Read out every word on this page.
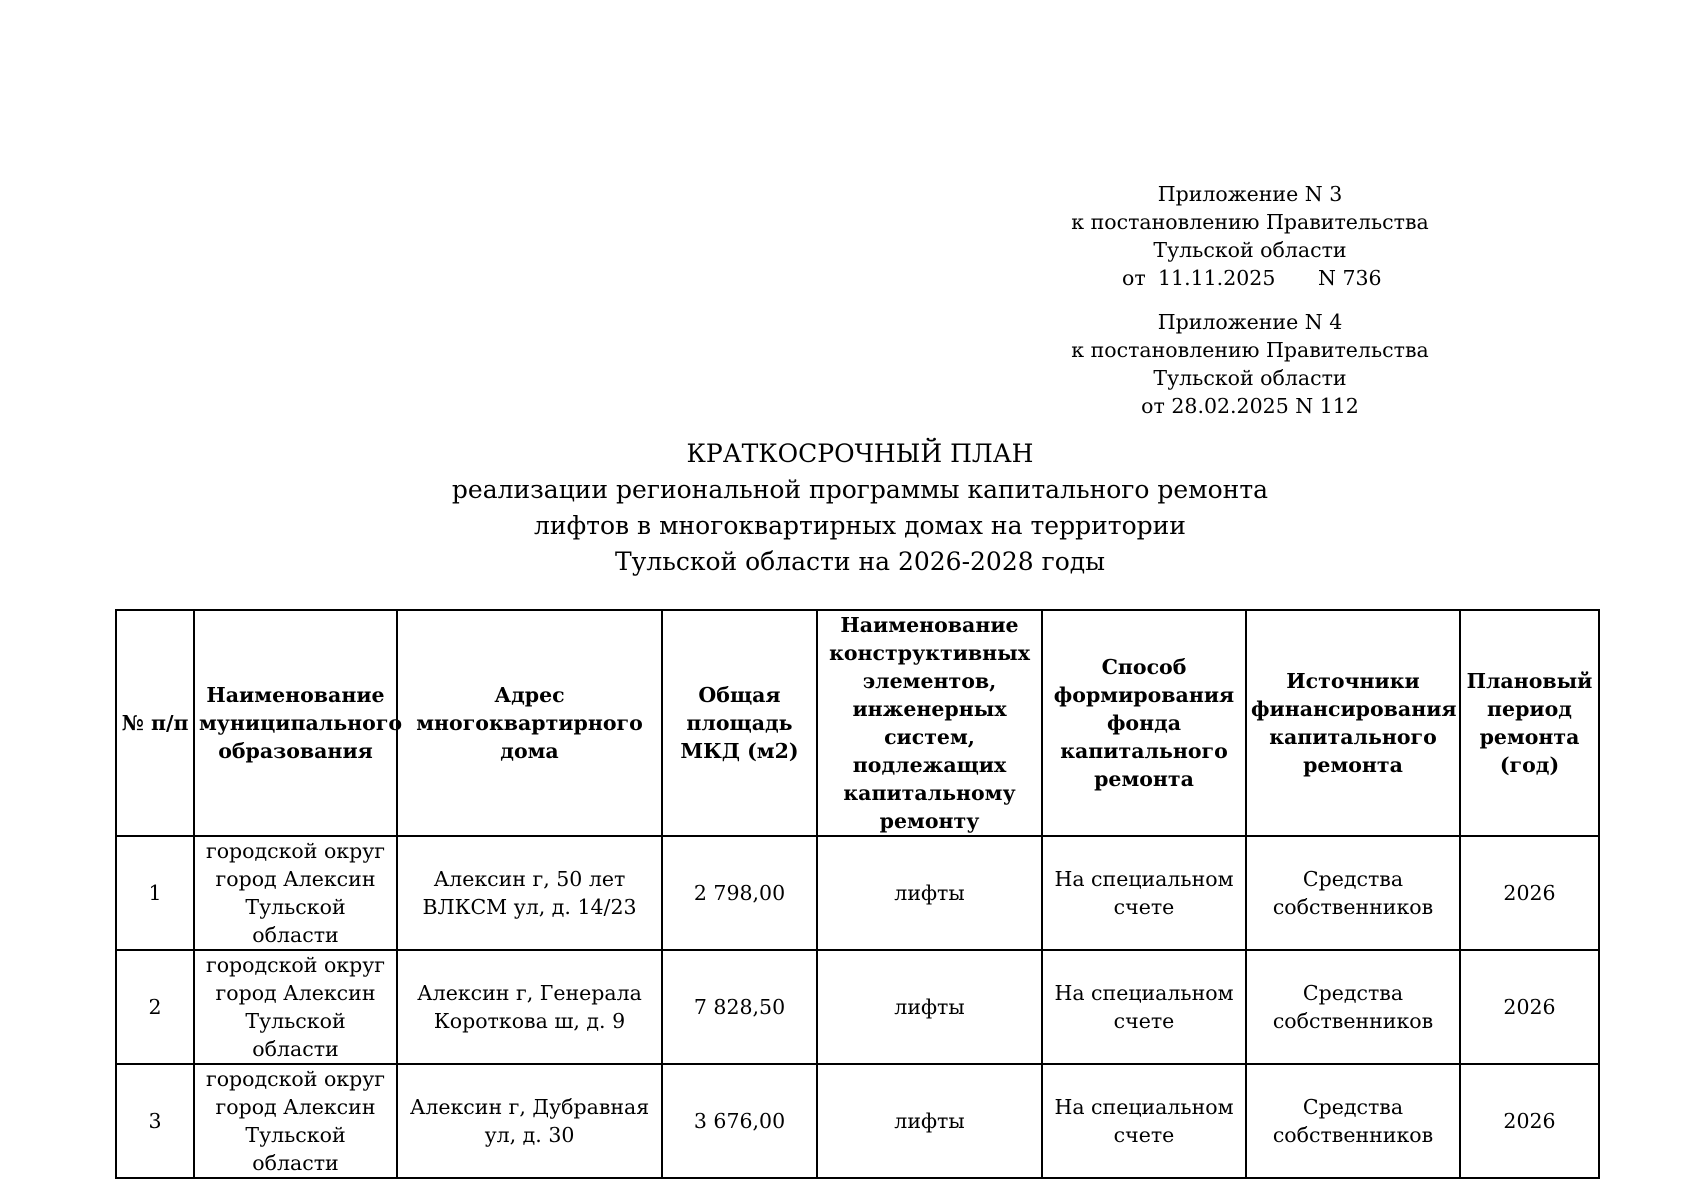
Приложение N 3
к постановлению Правительства
Тульской области
от 11.11.2025 N 736
Приложение N 4
к постановлению Правительства
Тульской области
от 28.02.2025 N 112
КРАТКОСРОЧНЫЙ ПЛАН
реализации региональной программы капитального ремонта
лифтов в многоквартирных домах на территории
Тульской области на 2026-2028 годы
№ п/п	Наименование муниципального образования	Адрес многоквартирного дома	Общая площадь МКД (м2)	Наименование конструктивных элементов, инженерных систем, подлежащих капитальному ремонту	Способ формирования фонда капитального ремонта	Источники финансирования капитального ремонта	Плановый период ремонта (год)
1	городской округ город Алексин Тульской области	Алексин г, 50 лет ВЛКСМ ул, д. 14/23	2 798,00	лифты	На специальном счете	Средства собственников	2026
2	городской округ город Алексин Тульской области	Алексин г, Генерала Короткова ш, д. 9	7 828,50	лифты	На специальном счете	Средства собственников	2026
3	городской округ город Алексин Тульской области	Алексин г, Дубравная ул, д. 30	3 676,00	лифты	На специальном счете	Средства собственников	2026
